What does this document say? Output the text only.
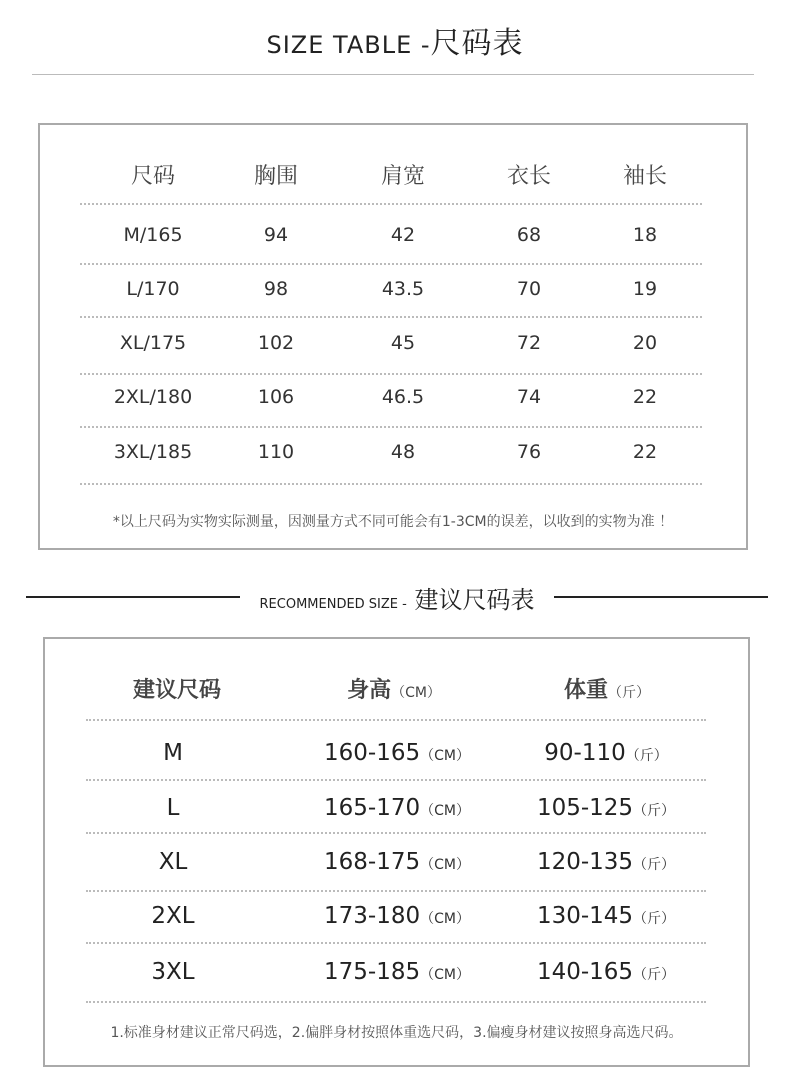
SIZE TABLE -尺码表
尺码	胸围	肩宽	衣长	袖长
M/165	94	42	68	18
L/170	98	43.5	70	19
XL/175	102	45	72	20
2XL/180	106	46.5	74	22
3XL/185	110	48	76	22
*以上尺码为实物实际测量，因测量方式不同可能会有1-3CM的误差，以收到的实物为准 ！
RECOMMENDED SIZE - 建议尺码表
建议尺码	身高（CM）	体重（斤）
M	160-165（CM）	90-110（斤）
L	165-170（CM）	105-125（斤）
XL	168-175（CM）	120-135（斤）
2XL	173-180（CM）	130-145（斤）
3XL	175-185（CM）	140-165（斤）
1.标准身材建议正常尺码选，2.偏胖身材按照体重选尺码，3.偏瘦身材建议按照身高选尺码。
